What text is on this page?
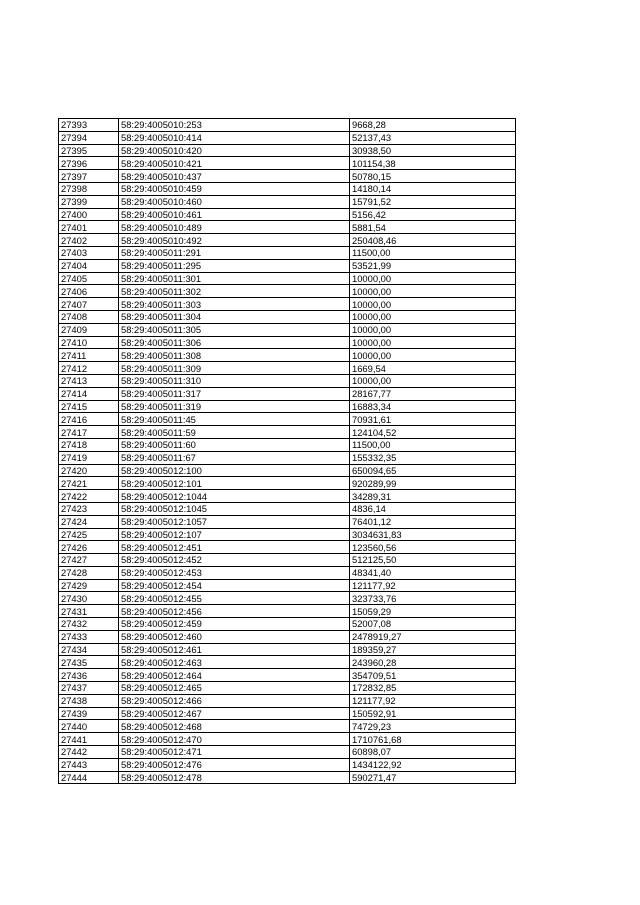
27393	58:29:4005010:253	9668,28
27394	58:29:4005010:414	52137,43
27395	58:29:4005010:420	30938,50
27396	58:29:4005010:421	101154,38
27397	58:29:4005010:437	50780,15
27398	58:29:4005010:459	14180,14
27399	58:29:4005010:460	15791,52
27400	58:29:4005010:461	5156,42
27401	58:29:4005010:489	5881,54
27402	58:29:4005010:492	250408,46
27403	58:29:4005011:291	11500,00
27404	58:29:4005011:295	53521,99
27405	58:29:4005011:301	10000,00
27406	58:29:4005011:302	10000,00
27407	58:29:4005011:303	10000,00
27408	58:29:4005011:304	10000,00
27409	58:29:4005011:305	10000,00
27410	58:29:4005011:306	10000,00
27411	58:29:4005011:308	10000,00
27412	58:29:4005011:309	1669,54
27413	58:29:4005011:310	10000,00
27414	58:29:4005011:317	28167,77
27415	58:29:4005011:319	16883,34
27416	58:29:4005011:45	70931,61
27417	58:29:4005011:59	124104,52
27418	58:29:4005011:60	11500,00
27419	58:29:4005011:67	155332,35
27420	58:29:4005012:100	650094,65
27421	58:29:4005012:101	920289,99
27422	58:29:4005012:1044	34289,31
27423	58:29:4005012:1045	4836,14
27424	58:29:4005012:1057	76401,12
27425	58:29:4005012:107	3034631,83
27426	58:29:4005012:451	123560,56
27427	58:29:4005012:452	512125,50
27428	58:29:4005012:453	48341,40
27429	58:29:4005012:454	121177,92
27430	58:29:4005012:455	323733,76
27431	58:29:4005012:456	15059,29
27432	58:29:4005012:459	52007,08
27433	58:29:4005012:460	2478919,27
27434	58:29:4005012:461	189359,27
27435	58:29:4005012:463	243960,28
27436	58:29:4005012:464	354709,51
27437	58:29:4005012:465	172832,85
27438	58:29:4005012:466	121177,92
27439	58:29:4005012:467	150592,91
27440	58:29:4005012:468	74729,23
27441	58:29:4005012:470	1710761,68
27442	58:29:4005012:471	60898,07
27443	58:29:4005012:476	1434122,92
27444	58:29:4005012:478	590271,47
